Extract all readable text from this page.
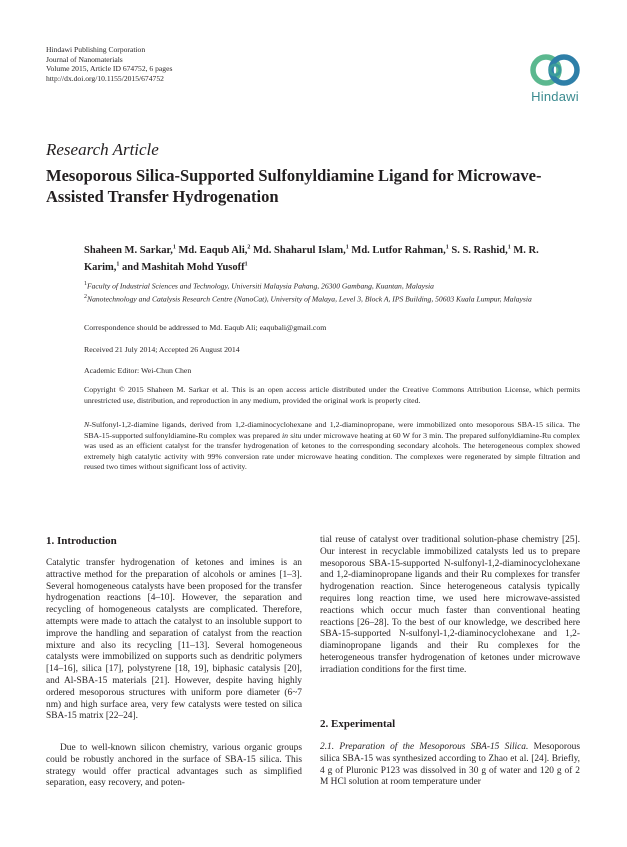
Hindawi Publishing Corporation
Journal of Nanomaterials
Volume 2015, Article ID 674752, 6 pages
http://dx.doi.org/10.1155/2015/674752
Hindawi
Research Article
Mesoporous Silica-Supported Sulfonyldiamine Ligand for Microwave-Assisted Transfer Hydrogenation
Shaheen M. Sarkar,$^1$ Md. Eaqub Ali,$^2$ Md. Shaharul Islam,$^1$ Md. Lutfor Rahman,$^1$ S. S. Rashid,$^1$ M. R. Karim,$^1$ and Mashitah Mohd Yusoff$^1$
$^1$Faculty of Industrial Sciences and Technology, Universiti Malaysia Pahang, 26300 Gambang, Kuantan, Malaysia
$^2$Nanotechnology and Catalysis Research Centre (NanoCat), University of Malaya, Level 3, Block A, IPS Building, 50603 Kuala Lumpur, Malaysia
Correspondence should be addressed to Md. Eaqub Ali; eaqubali@gmail.com
Received 21 July 2014; Accepted 26 August 2014
Academic Editor: Wei-Chun Chen
Copyright © 2015 Shaheen M. Sarkar et al. This is an open access article distributed under the Creative Commons Attribution License, which permits unrestricted use, distribution, and reproduction in any medium, provided the original work is properly cited.
N-Sulfonyl-1,2-diamine ligands, derived from 1,2-diaminocyclohexane and 1,2-diaminopropane, were immobilized onto mesoporous SBA-15 silica. The SBA-15-supported sulfonyldiamine-Ru complex was prepared in situ under microwave heating at 60 W for 3 min. The prepared sulfonyldiamine-Ru complex was used as an efficient catalyst for the transfer hydrogenation of ketones to the corresponding secondary alcohols. The heterogeneous complex showed extremely high catalytic activity with 99% conversion rate under microwave heating condition. The complexes were regenerated by simple filtration and reused two times without significant loss of activity.
1. Introduction
Catalytic transfer hydrogenation of ketones and imines is an attractive method for the preparation of alcohols or amines [1–3]. Several homogeneous catalysts have been proposed for the transfer hydrogenation reactions [4–10]. However, the separation and recycling of homogeneous catalysts are complicated. Therefore, attempts were made to attach the catalyst to an insoluble support to improve the handling and separation of catalyst from the reaction mixture and also its recycling [11–13]. Several homogeneous catalysts were immobilized on supports such as dendritic polymers [14–16], silica [17], polystyrene [18, 19], biphasic catalysis [20], and Al-SBA-15 materials [21]. However, despite having highly ordered mesoporous structures with uniform pore diameter (6~7 nm) and high surface area, very few catalysts were tested on silica SBA-15 matrix [22–24].
Due to well-known silicon chemistry, various organic groups could be robustly anchored in the surface of SBA-15 silica. This strategy would offer practical advantages such as simplified separation, easy recovery, and poten-
tial reuse of catalyst over traditional solution-phase chemistry [25]. Our interest in recyclable immobilized catalysts led us to prepare mesoporous SBA-15-supported N-sulfonyl-1,2-diaminocyclohexane and 1,2-diaminopropane ligands and their Ru complexes for transfer hydrogenation reaction. Since heterogeneous catalysis typically requires long reaction time, we used here microwave-assisted reactions which occur much faster than conventional heating reactions [26–28]. To the best of our knowledge, we described here SBA-15-supported N-sulfonyl-1,2-diaminocyclohexane and 1,2-diaminopropane ligands and their Ru complexes for the heterogeneous transfer hydrogenation of ketones under microwave irradiation conditions for the first time.
2. Experimental
2.1. Preparation of the Mesoporous SBA-15 Silica. Mesoporous silica SBA-15 was synthesized according to Zhao et al. [24]. Briefly, 4 g of Pluronic P123 was dissolved in 30 g of water and 120 g of 2 M HCl solution at room temperature under
